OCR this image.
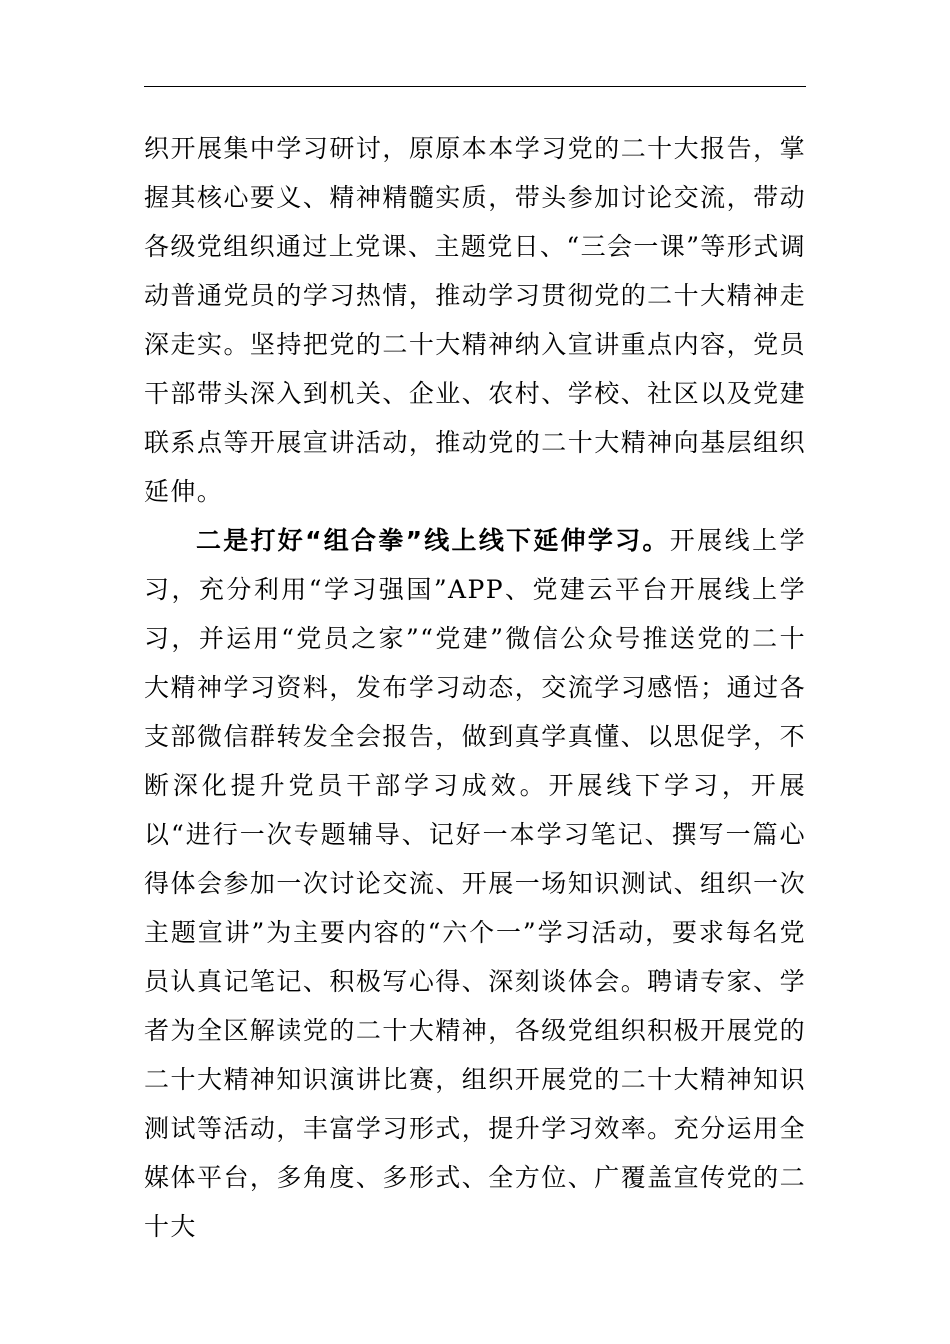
织开展集中学习研讨，原原本本学习党的二十大报告，掌握其核心要义、精神精髓实质，带头参加讨论交流，带动各级党组织通过上党课、主题党日、“三会一课”等形式调动普通党员的学习热情，推动学习贯彻党的二十大精神走深走实。坚持把党的二十大精神纳入宣讲重点内容，党员干部带头深入到机关、企业、农村、学校、社区以及党建联系点等开展宣讲活动，推动党的二十大精神向基层组织延伸。

二是打好“组合拳”线上线下延伸学习。开展线上学习，充分利用“学习强国”APP、党建云平台开展线上学习，并运用“党员之家”“党建”微信公众号推送党的二十大精神学习资料，发布学习动态，交流学习感悟；通过各支部微信群转发全会报告，做到真学真懂、以思促学，不断深化提升党员干部学习成效。开展线下学习，开展以“进行一次专题辅导、记好一本学习笔记、撰写一篇心得体会参加一次讨论交流、开展一场知识测试、组织一次主题宣讲”为主要内容的“六个一”学习活动，要求每名党员认真记笔记、积极写心得、深刻谈体会。聘请专家、学者为全区解读党的二十大精神，各级党组织积极开展党的二十大精神知识演讲比赛，组织开展党的二十大精神知识测试等活动，丰富学习形式，提升学习效率。充分运用全媒体平台，多角度、多形式、全方位、广覆盖宣传党的二十大
